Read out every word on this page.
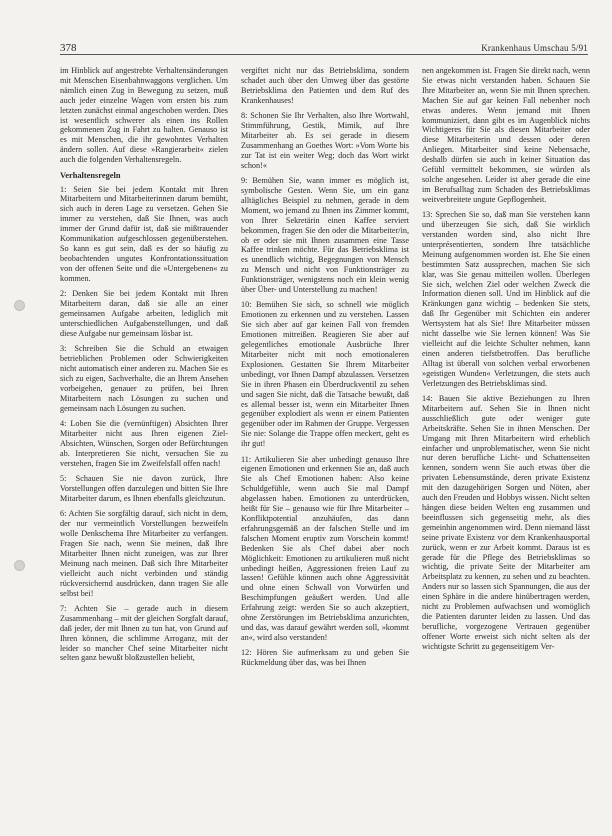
378	Krankenhaus Umschau 5/91

im Hinblick auf angestrebte Verhaltensänderungen mit Menschen Eisenbahnwaggons verglichen. Um nämlich einen Zug in Bewegung zu setzen, muß auch jeder einzelne Wagen vom ersten bis zum letzten zunächst einmal angeschoben werden. Dies ist wesentlich schwerer als einen ins Rollen gekommenen Zug in Fahrt zu halten. Genauso ist es mit Menschen, die ihr gewohntes Verhalten ändern sollen. Auf diese »Rangierarbeit« zielen auch die folgenden Verhaltensregeln.

Verhaltensregeln

1: Seien Sie bei jedem Kontakt mit Ihren Mitarbeitern und Mitarbeiterinnen darum bemüht, sich auch in deren Lage zu versetzen. Gehen Sie immer zu verstehen, daß Sie Ihnen, was auch immer der Grund dafür ist, daß sie mißtrauender Kommunikation aufgeschlossen gegenüberstehen. So kann es gut sein, daß es der so häufig zu beobachtenden ungutes Konfrontationssituation von der offenen Seite und die »Untergebenen« zu kommen.

2: Denken Sie bei jedem Kontakt mit Ihren Mitarbeitern daran, daß sie alle an einer gemeinsamen Aufgabe arbeiten, lediglich mit unterschiedlichen Aufgabenstellungen, und daß diese Aufgabe nur gemeinsam lösbar ist.

3: Schreiben Sie die Schuld an etwaigen betrieblichen Problemen oder Schwierigkeiten nicht automatisch einer anderen zu. Machen Sie es sich zu eigen, Sachverhalte, die an Ihrem Ansehen vorbeigehen, genauer zu prüfen, bei Ihren Mitarbeitern nach Lösungen zu suchen und gemeinsam nach Lösungen zu suchen.

4: Loben Sie die (vernünftigen) Absichten Ihrer Mitarbeiter nicht aus Ihren eigenen Ziel-Absichten, Wünschen, Sorgen oder Befürchtungen ab. Interpretieren Sie nicht, versuchen Sie zu verstehen, fragen Sie im Zweifelsfall offen nach!

5: Schauen Sie nie davon zurück, Ihre Vorstellungen offen darzulegen und bitten Sie Ihre Mitarbeiter darum, es Ihnen ebenfalls gleichzutun.

6: Achten Sie sorgfältig darauf, sich nicht in dem, der nur vermeintlich Vorstellungen bezweifeln wolle Denkschema Ihre Mitarbeiter zu verfangen. Fragen Sie nach, wenn Sie meinen, daß Ihre Mitarbeiter Ihnen nicht zuneigen, was zur Ihrer Meinung nach meinen. Daß sich Ihre Mitarbeiter vielleicht auch nicht verbinden und ständig rückversichernd ausdrücken, dann tragen Sie alle selbst bei!

7: Achten Sie – gerade auch in diesem Zusammenhang – mit der gleichen Sorgfalt darauf, daß jeder, der mit Ihnen zu tun hat, von Grund auf Ihren können, die schlimme Arroganz, mit der leider so mancher Chef seine Mitarbeiter nicht selten ganz bewußt bloßzustellen beliebt,

vergiftet nicht nur das Betriebsklima, sondern schadet auch über den Umweg über das gestörte Betriebsklima den Patienten und dem Ruf des Krankenhauses!

8: Schonen Sie Ihr Verhalten, also Ihre Wortwahl, Stimmführung, Gestik, Mimik, auf Ihre Mitarbeiter ab. Es sei gerade in diesem Zusammenhang an Goethes Wort: »Vom Worte bis zur Tat ist ein weiter Weg; doch das Wort wirkt schon!«

9: Bemühen Sie, wann immer es möglich ist, symbolische Gesten. Wenn Sie, um ein ganz alltägliches Beispiel zu nehmen, gerade in dem Moment, wo jemand zu Ihnen ins Zimmer kommt, von Ihrer Sekretärin einen Kaffee serviert bekommen, fragen Sie den oder die Mitarbeiter/in, ob er oder sie mit Ihnen zusammen eine Tasse Kaffee trinken möchte. Für das Betriebsklima ist es unendlich wichtig, Begegnungen von Mensch zu Mensch und nicht von Funktionsträger zu Funktionsträger, wenigstens noch ein klein wenig über Über- und Unterstellung zu machen!

10: Bemühen Sie sich, so schnell wie möglich Emotionen zu erkennen und zu verstehen. Lassen Sie sich aber auf gar keinen Fall von fremden Emotionen mitreißen. Reagieren Sie aber auf gelegentliches emotionale Ausbrüche Ihrer Mitarbeiter nicht mit noch emotionaleren Explosionen. Gestatten Sie Ihrem Mitarbeiter unbedingt, vor Ihnen Dampf abzulassen. Versetzen Sie in ihren Phasen ein Überdruckventil zu sehen und sagen Sie nicht, daß die Tatsache bewußt, daß es allemal besser ist, wenn ein Mitarbeiter Ihnen gegenüber explodiert als wenn er einem Patienten gegenüber oder im Rahmen der Gruppe. Vergessen Sie nie: Solange die Trappe offen meckert, geht es ihr gut!

11: Artikulieren Sie aber unbedingt genauso Ihre eigenen Emotionen und erkennen Sie an, daß auch Sie als Chef Emotionen haben: Also keine Schuldgefühle, wenn auch Sie mal Dampf abgelassen haben. Emotionen zu unterdrücken, heißt für Sie – genauso wie für Ihre Mitarbeiter – Konfliktpotential anzuhäufen, das dann erfahrungsgemäß an der falschen Stelle und im falschen Moment eruptiv zum Vorschein kommt! Bedenken Sie als Chef dabei aber noch Möglichkeit: Emotionen zu artikulieren muß nicht unbedingt heißen, Aggressionen freien Lauf zu lassen! Gefühle können auch ohne Aggressivität und ohne einen Schwall von Vorwürfen und Beschimpfungen geäußert werden. Und alle Erfahrung zeigt: werden Sie so auch akzeptiert, ohne Zerstörungen im Betriebsklima anzurichten, und das, was darauf gewährt werden soll, »kommt an«, wird also verstanden!

12: Hören Sie aufmerksam zu und geben Sie Rückmeldung über das, was bei Ihnen

nen angekommen ist. Fragen Sie direkt nach, wenn Sie etwas nicht verstanden haben. Schauen Sie Ihre Mitarbeiter an, wenn Sie mit Ihnen sprechen. Machen Sie auf gar keinen Fall nebenher noch etwas anderes. Wenn jemand mit Ihnen kommuniziert, dann gibt es im Augenblick nichts Wichtigeres für Sie als diesen Mitarbeiter oder diese Mitarbeiterin und dessen oder deren Anliegen. Mitarbeiter sind keine Nebensache, deshalb dürfen sie auch in keiner Situation das Gefühl vermittelt bekommen, sie würden als solche angesehen. Leider ist aber gerade die eine im Berufsalltag zum Schaden des Betriebsklimas weitverbreitete ungute Gepflogenheit.

13: Sprechen Sie so, daß man Sie verstehen kann und überzeugen Sie sich, daß Sie wirklich verstanden worden sind, also nicht Ihre unterprésentierten, sondern Ihre tatsächliche Meinung aufgenommen worden ist. Ehe Sie einen bestimmten Satz aussprechen, machen Sie sich klar, was Sie genau mitteilen wollen. Überlegen Sie sich, welchen Ziel oder welchen Zweck die Information dienen soll. Und im Hinblick auf die Kränkungen ganz wichtig – bedenken Sie stets, daß Ihr Gegenüber mit Schichten ein anderer Wertsystem hat als Sie! Ihre Mitarbeiter müssen nicht dasselbe wie Sie lernen können! Was Sie vielleicht auf die leichte Schulter nehmen, kann einen anderen tiefstbetroffen. Das berufliche Alltag ist überall von solchen verbal erworbenen »geistigen Wunden« Verletzungen, die stets auch Verletzungen des Betriebsklimas sind.

14: Bauen Sie aktive Beziehungen zu Ihren Mitarbeitern auf. Sehen Sie in Ihnen nicht ausschließlich gute oder weniger gute Arbeitskräfte. Sehen Sie in ihnen Menschen. Der Umgang mit Ihren Mitarbeitern wird erheblich einfacher und unproblematischer, wenn Sie nicht nur deren berufliche Licht- und Schattenseiten kennen, sondern wenn Sie auch etwas über die privaten Lebensumstände, deren private Existenz mit den dazugehörigen Sorgen und Nöten, aber auch den Freuden und Hobbys wissen. Nicht selten hängen diese beiden Welten eng zusammen und beeinflussen sich gegenseitig mehr, als dies gemeinhin angenommen wird. Denn niemand lässt seine private Existenz vor dem Krankenhausportal zurück, wenn er zur Arbeit kommt. Daraus ist es gerade für die Pflege des Betriebsklimas so wichtig, die private Seite der Mitarbeiter am Arbeitsplatz zu kennen, zu sehen und zu beachten. Anders nur so lassen sich Spannungen, die aus der einen Sphäre in die andere hinübertragen werden, nicht zu Problemen aufwachsen und womöglich die Patienten darunter leiden zu lassen. Und das berufliche, vorgezogene Vertrauen gegenüber offener Worte erweist sich nicht selten als der wichtigste Schritt zu gegenseitigem Ver-
